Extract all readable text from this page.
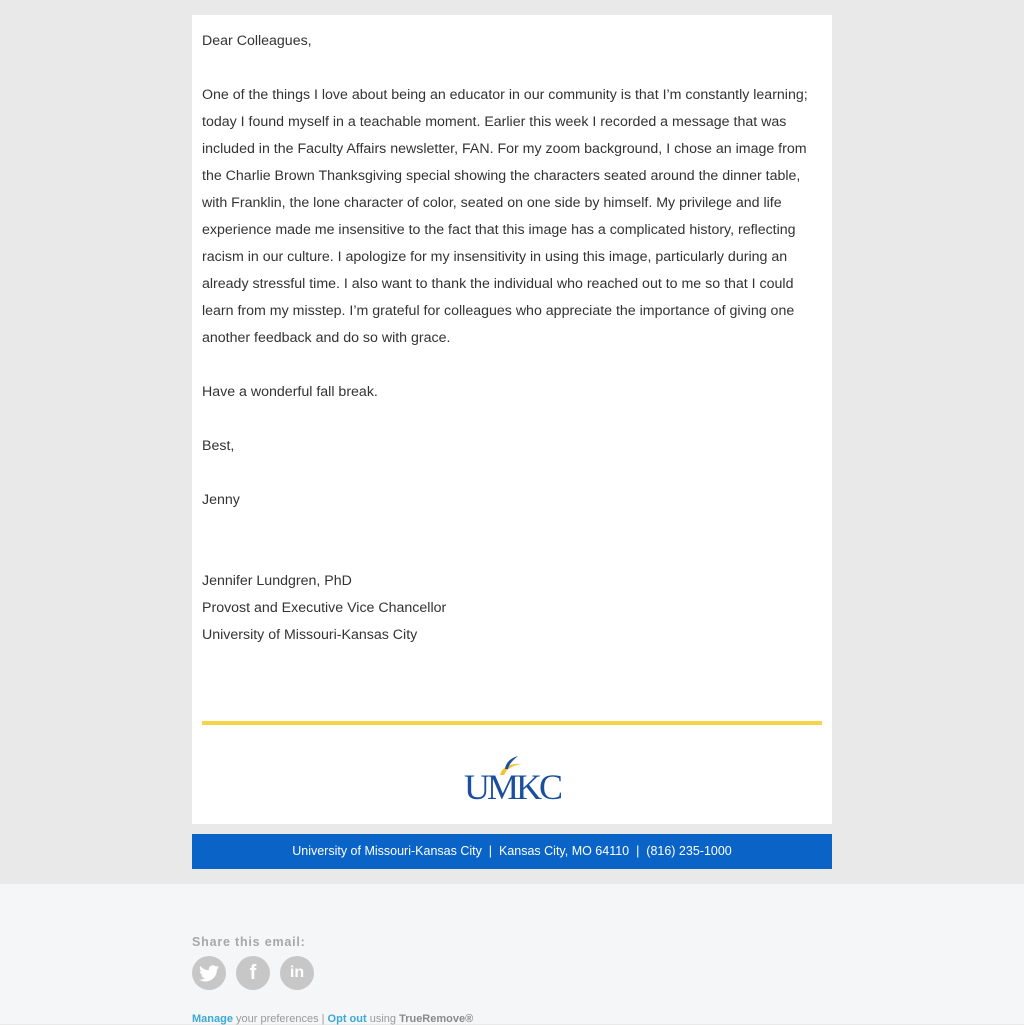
Dear Colleagues,

One of the things I love about being an educator in our community is that I’m constantly learning; today I found myself in a teachable moment. Earlier this week I recorded a message that was included in the Faculty Affairs newsletter, FAN. For my zoom background, I chose an image from the Charlie Brown Thanksgiving special showing the characters seated around the dinner table, with Franklin, the lone character of color, seated on one side by himself. My privilege and life experience made me insensitive to the fact that this image has a complicated history, reflecting racism in our culture. I apologize for my insensitivity in using this image, particularly during an already stressful time. I also want to thank the individual who reached out to me so that I could learn from my misstep. I’m grateful for colleagues who appreciate the importance of giving one another feedback and do so with grace.

Have a wonderful fall break.

Best,

Jenny

Jennifer Lundgren, PhD

Provost and Executive Vice Chancellor

University of Missouri-Kansas City

UMKC
University of Missouri-Kansas City  |  Kansas City, MO 64110  |  (816) 235-1000
Share this email:
f in
Manage your preferences | Opt out using TrueRemove®
